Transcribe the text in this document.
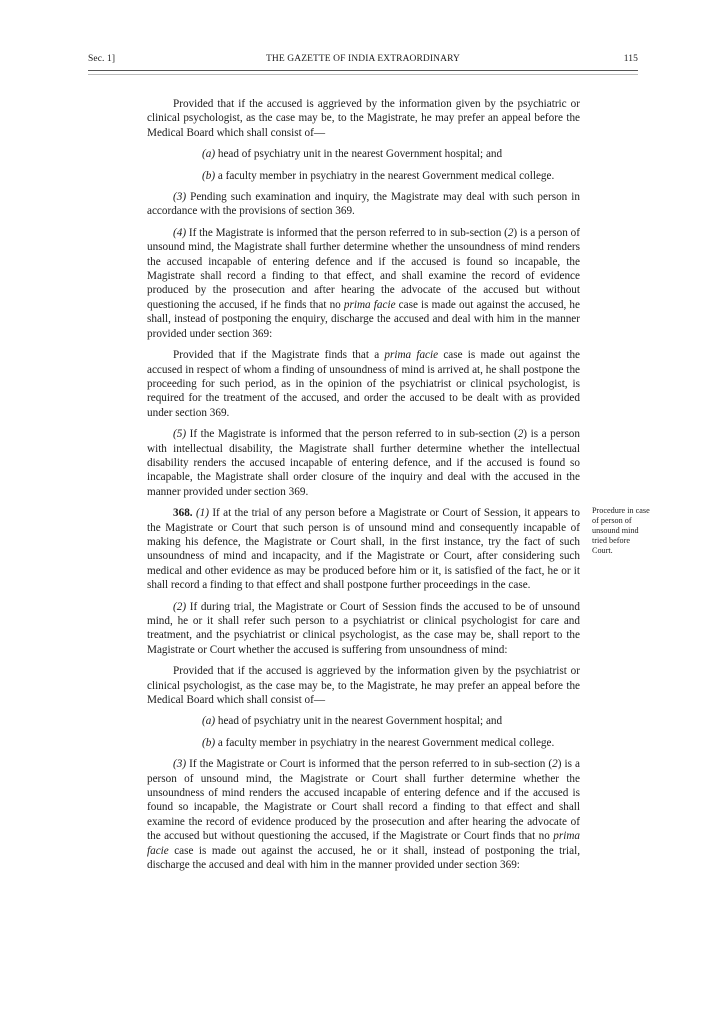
Sec. 1]	THE GAZETTE OF INDIA EXTRAORDINARY	115

Provided that if the accused is aggrieved by the information given by the psychiatric or clinical psychologist, as the case may be, to the Magistrate, he may prefer an appeal before the Medical Board which shall consist of—

(a) head of psychiatry unit in the nearest Government hospital; and

(b) a faculty member in psychiatry in the nearest Government medical college.

(3) Pending such examination and inquiry, the Magistrate may deal with such person in accordance with the provisions of section 369.

(4) If the Magistrate is informed that the person referred to in sub-section (2) is a person of unsound mind, the Magistrate shall further determine whether the unsoundness of mind renders the accused incapable of entering defence and if the accused is found so incapable, the Magistrate shall record a finding to that effect, and shall examine the record of evidence produced by the prosecution and after hearing the advocate of the accused but without questioning the accused, if he finds that no prima facie case is made out against the accused, he shall, instead of postponing the enquiry, discharge the accused and deal with him in the manner provided under section 369:

Provided that if the Magistrate finds that a prima facie case is made out against the accused in respect of whom a finding of unsoundness of mind is arrived at, he shall postpone the proceeding for such period, as in the opinion of the psychiatrist or clinical psychologist, is required for the treatment of the accused, and order the accused to be dealt with as provided under section 369.

(5) If the Magistrate is informed that the person referred to in sub-section (2) is a person with intellectual disability, the Magistrate shall further determine whether the intellectual disability renders the accused incapable of entering defence, and if the accused is found so incapable, the Magistrate shall order closure of the inquiry and deal with the accused in the manner provided under section 369.

368. (1) If at the trial of any person before a Magistrate or Court of Session, it appears to the Magistrate or Court that such person is of unsound mind and consequently incapable of making his defence, the Magistrate or Court shall, in the first instance, try the fact of such unsoundness of mind and incapacity, and if the Magistrate or Court, after considering such medical and other evidence as may be produced before him or it, is satisfied of the fact, he or it shall record a finding to that effect and shall postpone further proceedings in the case.
Procedure in case of person of unsound mind tried before Court.

(2) If during trial, the Magistrate or Court of Session finds the accused to be of unsound mind, he or it shall refer such person to a psychiatrist or clinical psychologist for care and treatment, and the psychiatrist or clinical psychologist, as the case may be, shall report to the Magistrate or Court whether the accused is suffering from unsoundness of mind:

Provided that if the accused is aggrieved by the information given by the psychiatrist or clinical psychologist, as the case may be, to the Magistrate, he may prefer an appeal before the Medical Board which shall consist of—

(a) head of psychiatry unit in the nearest Government hospital; and

(b) a faculty member in psychiatry in the nearest Government medical college.

(3) If the Magistrate or Court is informed that the person referred to in sub-section (2) is a person of unsound mind, the Magistrate or Court shall further determine whether the unsoundness of mind renders the accused incapable of entering defence and if the accused is found so incapable, the Magistrate or Court shall record a finding to that effect and shall examine the record of evidence produced by the prosecution and after hearing the advocate of the accused but without questioning the accused, if the Magistrate or Court finds that no prima facie case is made out against the accused, he or it shall, instead of postponing the trial, discharge the accused and deal with him in the manner provided under section 369:
